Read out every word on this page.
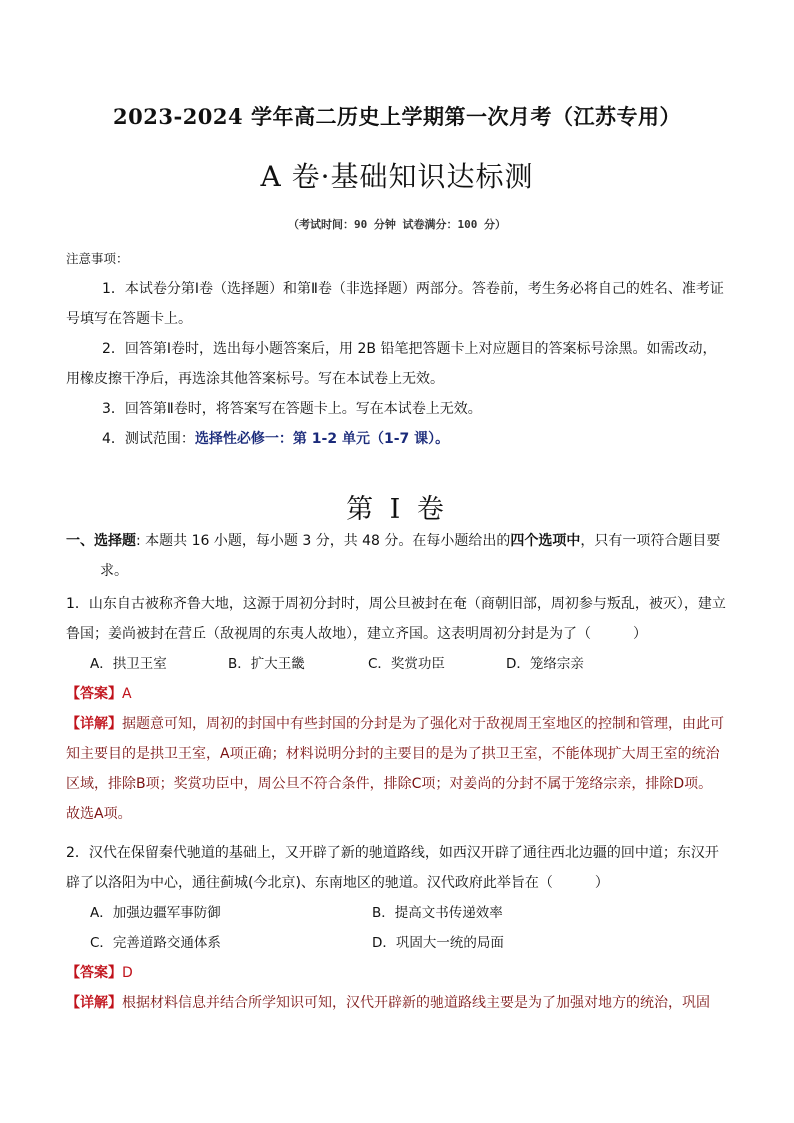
2023-2024 学年高二历史上学期第一次月考（江苏专用）
A 卷·基础知识达标测
（考试时间：90 分钟 试卷满分：100 分）
注意事项：

1．本试卷分第Ⅰ卷（选择题）和第Ⅱ卷（非选择题）两部分。答卷前，考生务必将自己的姓名、准考证号填写在答题卡上。

2．回答第Ⅰ卷时，选出每小题答案后，用 2B 铅笔把答题卡上对应题目的答案标号涂黑。如需改动，用橡皮擦干净后，再选涂其他答案标号。写在本试卷上无效。

3．回答第Ⅱ卷时，将答案写在答题卡上。写在本试卷上无效。

4．测试范围：选择性必修一：第 1-2 单元（1-7 课）。

第 I 卷

一、选择题: 本题共 16 小题，每小题 3 分，共 48 分。在每小题给出的四个选项中，只有一项符合题目要求。

1．山东自古被称齐鲁大地，这源于周初分封时，周公旦被封在奄（商朝旧部，周初参与叛乱，被灭），建立鲁国；姜尚被封在营丘（敌视周的东夷人故地），建立齐国。这表明周初分封是为了（　　　）

A．拱卫王室	B．扩大王畿	C．奖赏功臣	D．笼络宗亲

【答案】A

【详解】据题意可知，周初的封国中有些封国的分封是为了强化对于敌视周王室地区的控制和管理，由此可知主要目的是拱卫王室，A项正确；材料说明分封的主要目的是为了拱卫王室，不能体现扩大周王室的统治区域，排除B项；奖赏功臣中，周公旦不符合条件，排除C项；对姜尚的分封不属于笼络宗亲，排除D项。故选A项。

2．汉代在保留秦代驰道的基础上，又开辟了新的驰道路线，如西汉开辟了通往西北边疆的回中道；东汉开辟了以洛阳为中心，通往蓟城(今北京)、东南地区的驰道。汉代政府此举旨在（　　　）

A．加强边疆军事防御	B．提高文书传递效率
C．完善道路交通体系	D．巩固大一统的局面

【答案】D

【详解】根据材料信息并结合所学知识可知，汉代开辟新的驰道路线主要是为了加强对地方的统治，巩固
